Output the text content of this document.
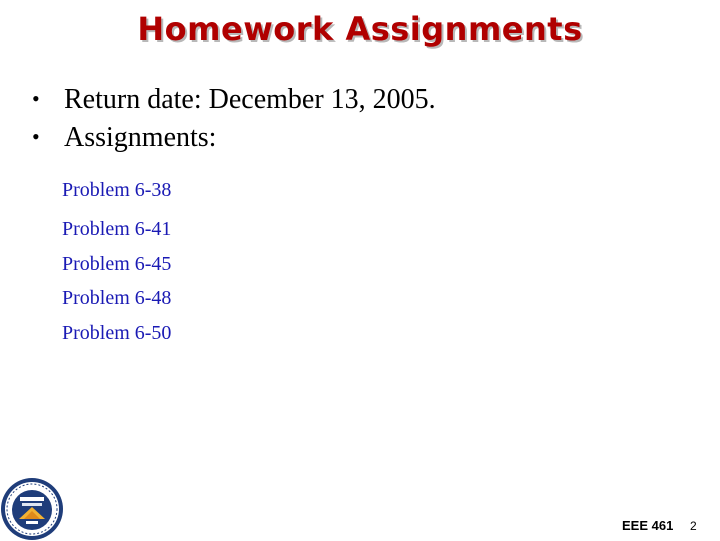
Homework Assignments
• Return date: December 13, 2005.
• Assignments:
Problem 6-38
Problem 6-41
Problem 6-45
Problem 6-48
Problem 6-50
EEE 461 2
